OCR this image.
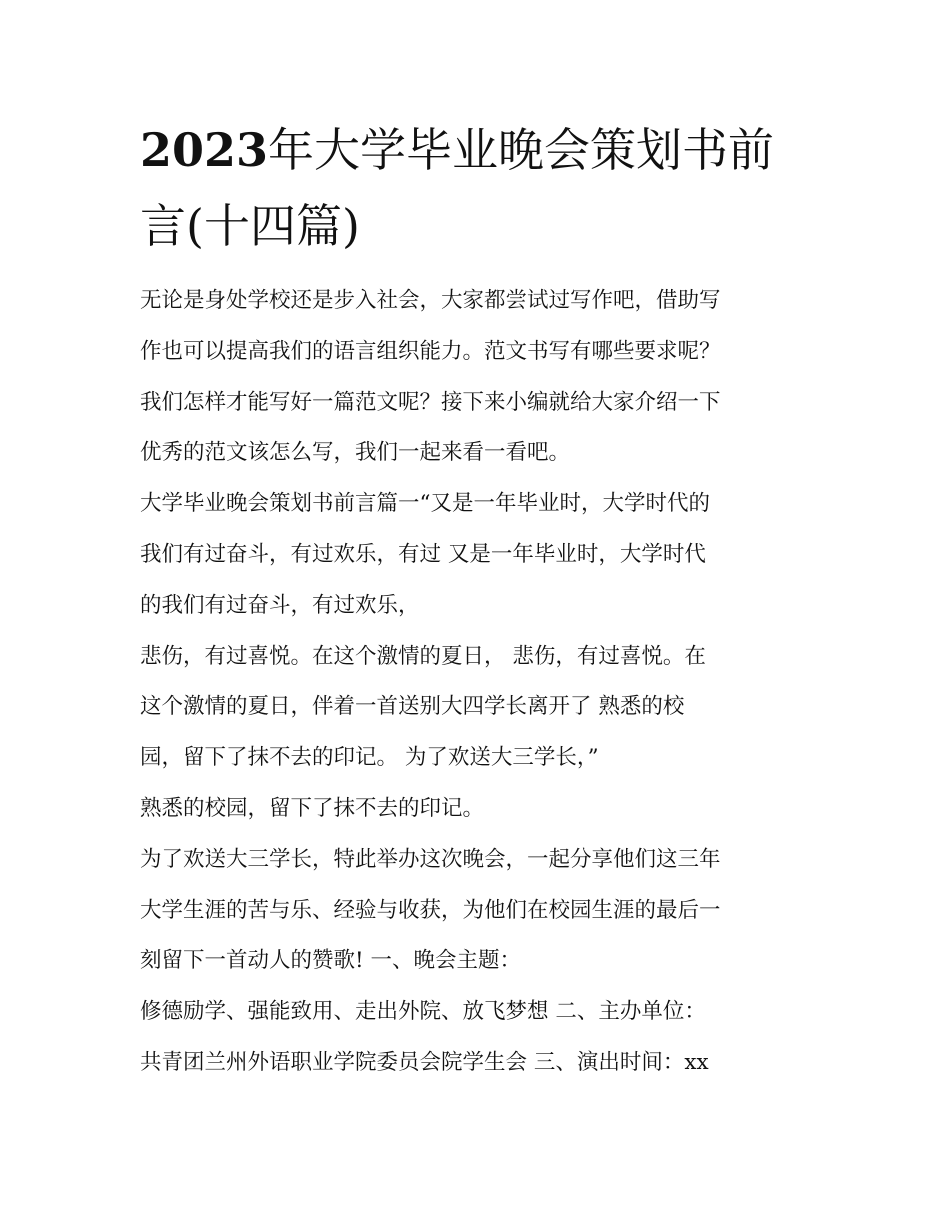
2023年大学毕业晚会策划书前
言(十四篇)
无论是身处学校还是步入社会，大家都尝试过写作吧，借助写
作也可以提高我们的语言组织能力。范文书写有哪些要求呢？
我们怎样才能写好一篇范文呢？接下来小编就给大家介绍一下
优秀的范文该怎么写，我们一起来看一看吧。
大学毕业晚会策划书前言篇一“又是一年毕业时，大学时代的
我们有过奋斗，有过欢乐，有过 又是一年毕业时，大学时代
的我们有过奋斗，有过欢乐，
悲伤，有过喜悦。在这个激情的夏日， 悲伤，有过喜悦。在
这个激情的夏日，伴着一首送别大四学长离开了 熟悉的校
园，留下了抹不去的印记。 为了欢送大三学长，”
熟悉的校园，留下了抹不去的印记。
为了欢送大三学长，特此举办这次晚会，一起分享他们这三年
大学生涯的苦与乐、经验与收获，为他们在校园生涯的最后一
刻留下一首动人的赞歌! 一、晚会主题：
修德励学、强能致用、走出外院、放飞梦想 二、主办单位：
共青团兰州外语职业学院委员会院学生会 三、演出时间：xx
